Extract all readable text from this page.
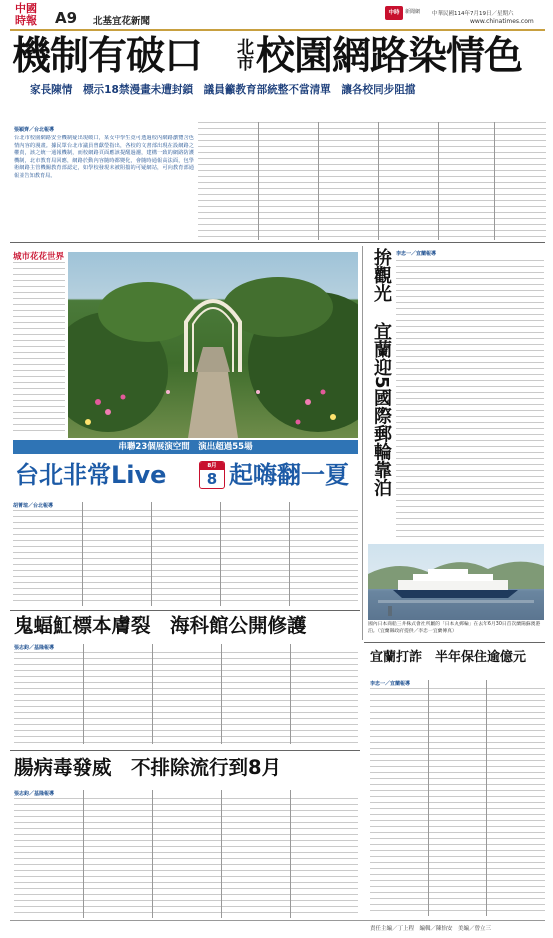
中國
時報	A9 北基宜花新聞
中時	新聞網 中華民國114年7月19日／星期六
www.chinatimes.com
機制有破口 北市 校園網路染情色
家長陳情　標示18禁漫畫未遭封鎖　議員籲教育部統整不當清單　讓各校同步阻擋
張穎齊／台北報導
台北市校園網路安全機制疑出現破口，某女中學生竟可透過校內網路瀏覽含色情內容的漫畫。據民眾台北市議員曾獻瑩指出，各校的文書部出現在設網路之權責，該之統一通報機制，而校網路頁面應該提醒過濾，建構一致的網路防護機制，北市教育局回應，網路於動內容隨時都變化，會隨時通報高法面，包學術網路主管機關教育部認定，如學校發現未被阻擋的可疑網站，可向教育部通報並告知教育局。
城市花花世界
串聯23個展演空間　演出超過55場
台北非常Live	8月
8 起嗨翻一夏
胡菁瑄／台北報導
拚觀光
宜蘭迎5國際郵輪靠泊
李忠一／宜蘭報導
國內日本商船三井株式會社所屬的「日本丸郵輪」在去年6月30日首次蘭陽蘇澳港泊。（宜蘭縣政府提供／李忠一宜蘭傳真）
鬼蝠魟標本膚裂　海科館公開修護
張志鈞／基隆報導
腸病毒發威　不排除流行到8月
張志鈞／基隆報導
宜蘭打詐　半年保住逾億元
李忠一／宜蘭報導
責任主編／丁上程　編輯／陳怡安　美編／曾立三
